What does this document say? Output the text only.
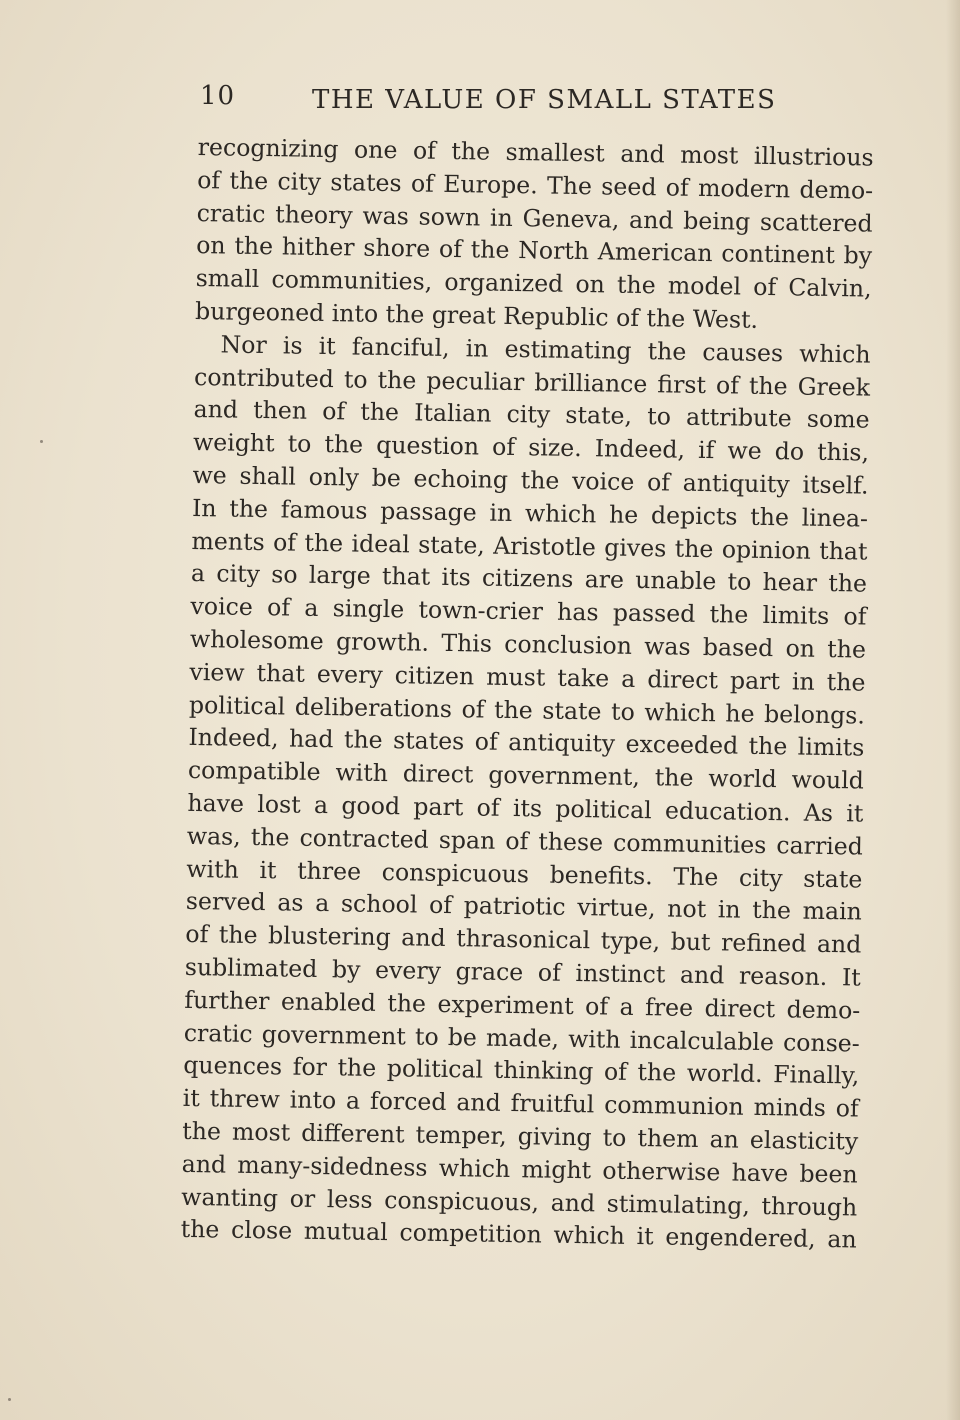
10	THE VALUE OF SMALL STATES
recognizing one of the smallest and most illustrious
of the city states of Europe. The seed of modern demo-
cratic theory was sown in Geneva, and being scattered
on the hither shore of the North American continent by
small communities, organized on the model of Calvin,
burgeoned into the great Republic of the West.
Nor is it fanciful, in estimating the causes which
contributed to the peculiar brilliance first of the Greek
and then of the Italian city state, to attribute some
weight to the question of size. Indeed, if we do this,
we shall only be echoing the voice of antiquity itself.
In the famous passage in which he depicts the linea-
ments of the ideal state, Aristotle gives the opinion that
a city so large that its citizens are unable to hear the
voice of a single town-crier has passed the limits of
wholesome growth. This conclusion was based on the
view that every citizen must take a direct part in the
political deliberations of the state to which he belongs.
Indeed, had the states of antiquity exceeded the limits
compatible with direct government, the world would
have lost a good part of its political education. As it
was, the contracted span of these communities carried
with it three conspicuous benefits. The city state
served as a school of patriotic virtue, not in the main
of the blustering and thrasonical type, but refined and
sublimated by every grace of instinct and reason. It
further enabled the experiment of a free direct demo-
cratic government to be made, with incalculable conse-
quences for the political thinking of the world. Finally,
it threw into a forced and fruitful communion minds of
the most different temper, giving to them an elasticity
and many-sidedness which might otherwise have been
wanting or less conspicuous, and stimulating, through
the close mutual competition which it engendered, an
